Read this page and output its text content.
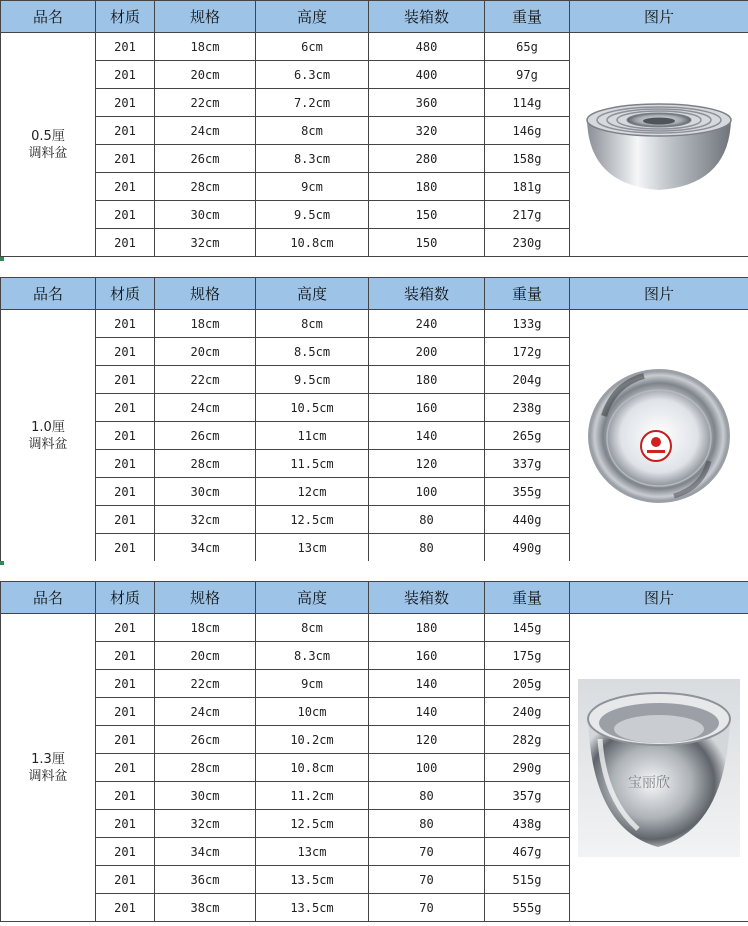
品名	材质	规格	高度	装箱数	重量	图片

0.5厘
调料盆	201	18cm	6cm	480	65g	

	201	20cm	6.3cm	400	97g	
	201	22cm	7.2cm	360	114g	
	201	24cm	8cm	320	146g	
	201	26cm	8.3cm	280	158g	
	201	28cm	9cm	180	181g	
	201	30cm	9.5cm	150	217g	
	201	32cm	10.8cm	150	230g	
品名	材质	规格	高度	装箱数	重量	图片

1.0厘
调料盆	201	18cm	8cm	240	133g	

	201	20cm	8.5cm	200	172g	
	201	22cm	9.5cm	180	204g	
	201	24cm	10.5cm	160	238g	
	201	26cm	11cm	140	265g	
	201	28cm	11.5cm	120	337g	
	201	30cm	12cm	100	355g	
	201	32cm	12.5cm	80	440g	
	201	34cm	13cm	80	490g	
品名	材质	规格	高度	装箱数	重量	图片

1.3厘
调料盆	201	18cm	8cm	180	145g	宝丽欣

	201	20cm	8.3cm	160	175g	
	201	22cm	9cm	140	205g	
	201	24cm	10cm	140	240g	
	201	26cm	10.2cm	120	282g	
	201	28cm	10.8cm	100	290g	
	201	30cm	11.2cm	80	357g	
	201	32cm	12.5cm	80	438g	
	201	34cm	13cm	70	467g	
	201	36cm	13.5cm	70	515g	
	201	38cm	13.5cm	70	555g	
